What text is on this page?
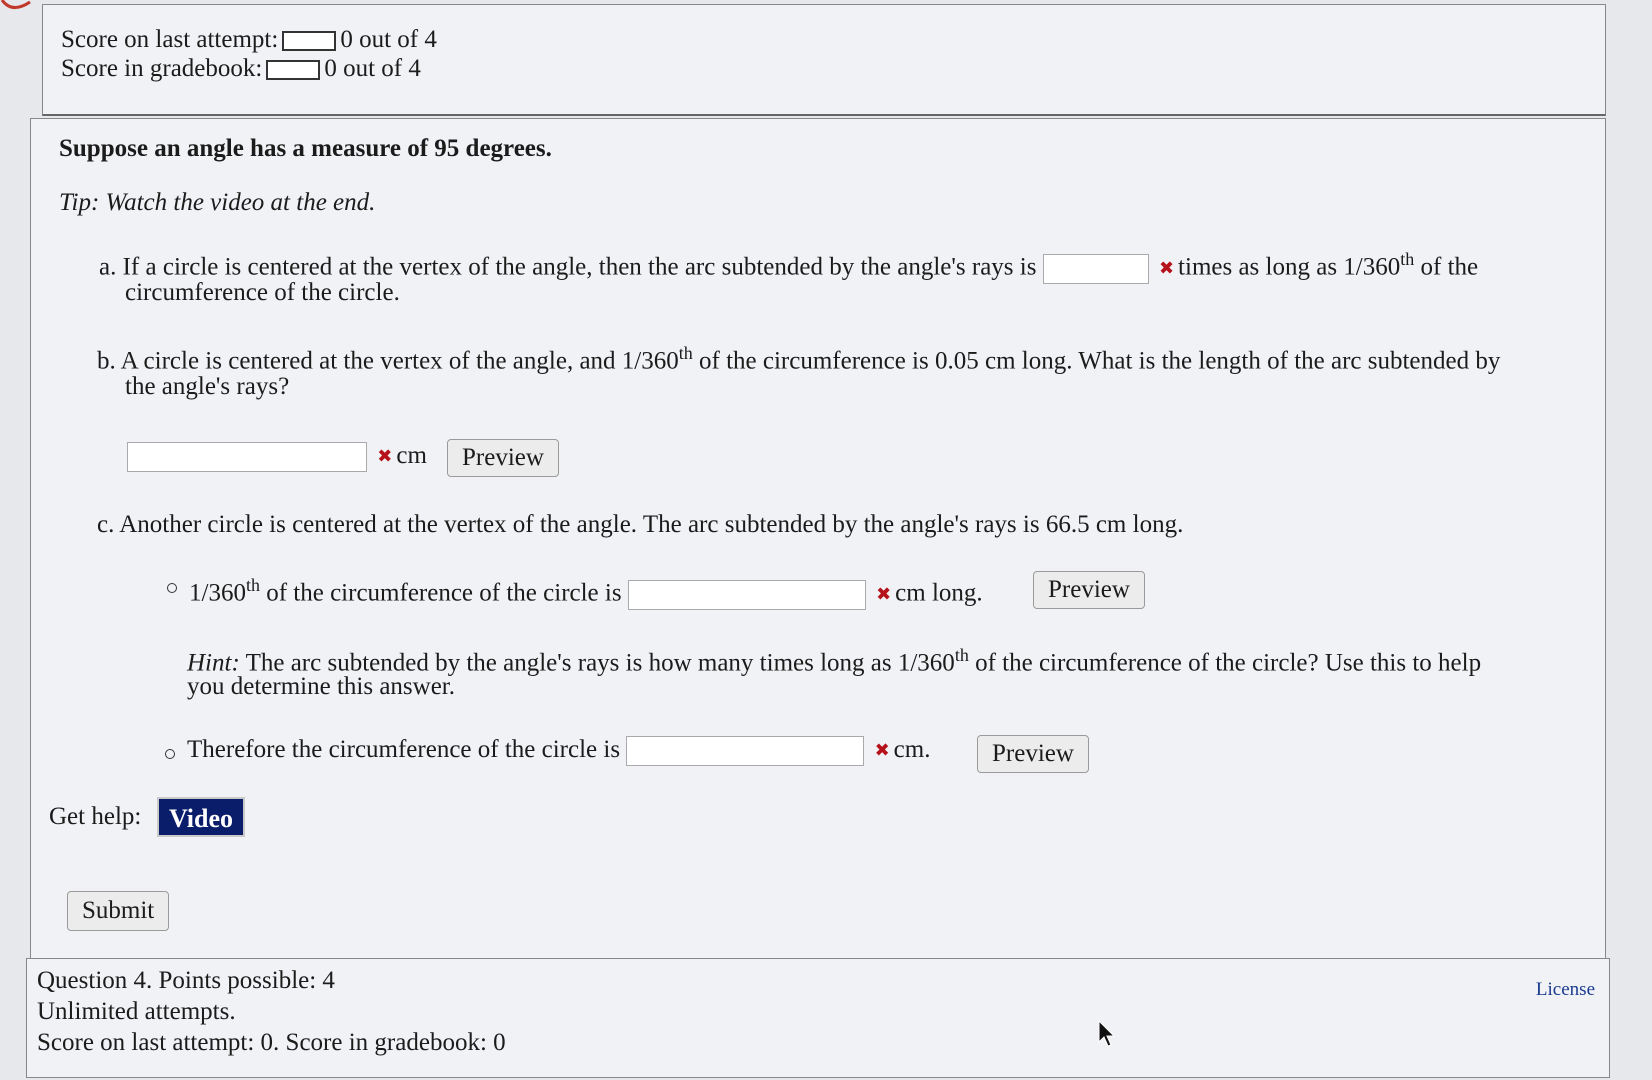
Score on last attempt: 0 out of 4
Score in gradebook: 0 out of 4
Suppose an angle has a measure of 95 degrees.
Tip: Watch the video at the end.
a. If a circle is centered at the vertex of the angle, then the arc subtended by the angle's rays is	✖ times as long as 1/360th of the
circumference of the circle.
b. A circle is centered at the vertex of the angle, and 1/360th of the circumference is 0.05 cm long. What is the length of the arc subtended by
the angle's rays?
✖ cm	Preview
c. Another circle is centered at the vertex of the angle. The arc subtended by the angle's rays is 66.5 cm long.
1/360th of the circumference of the circle is	✖ cm long.	Preview
Hint: The arc subtended by the angle's rays is how many times long as 1/360th of the circumference of the circle? Use this to help
you determine this answer.
Therefore the circumference of the circle is	✖ cm.	Preview
Get help:	Video
Submit
Question 4. Points possible: 4
Unlimited attempts.
Score on last attempt: 0. Score in gradebook: 0
License
